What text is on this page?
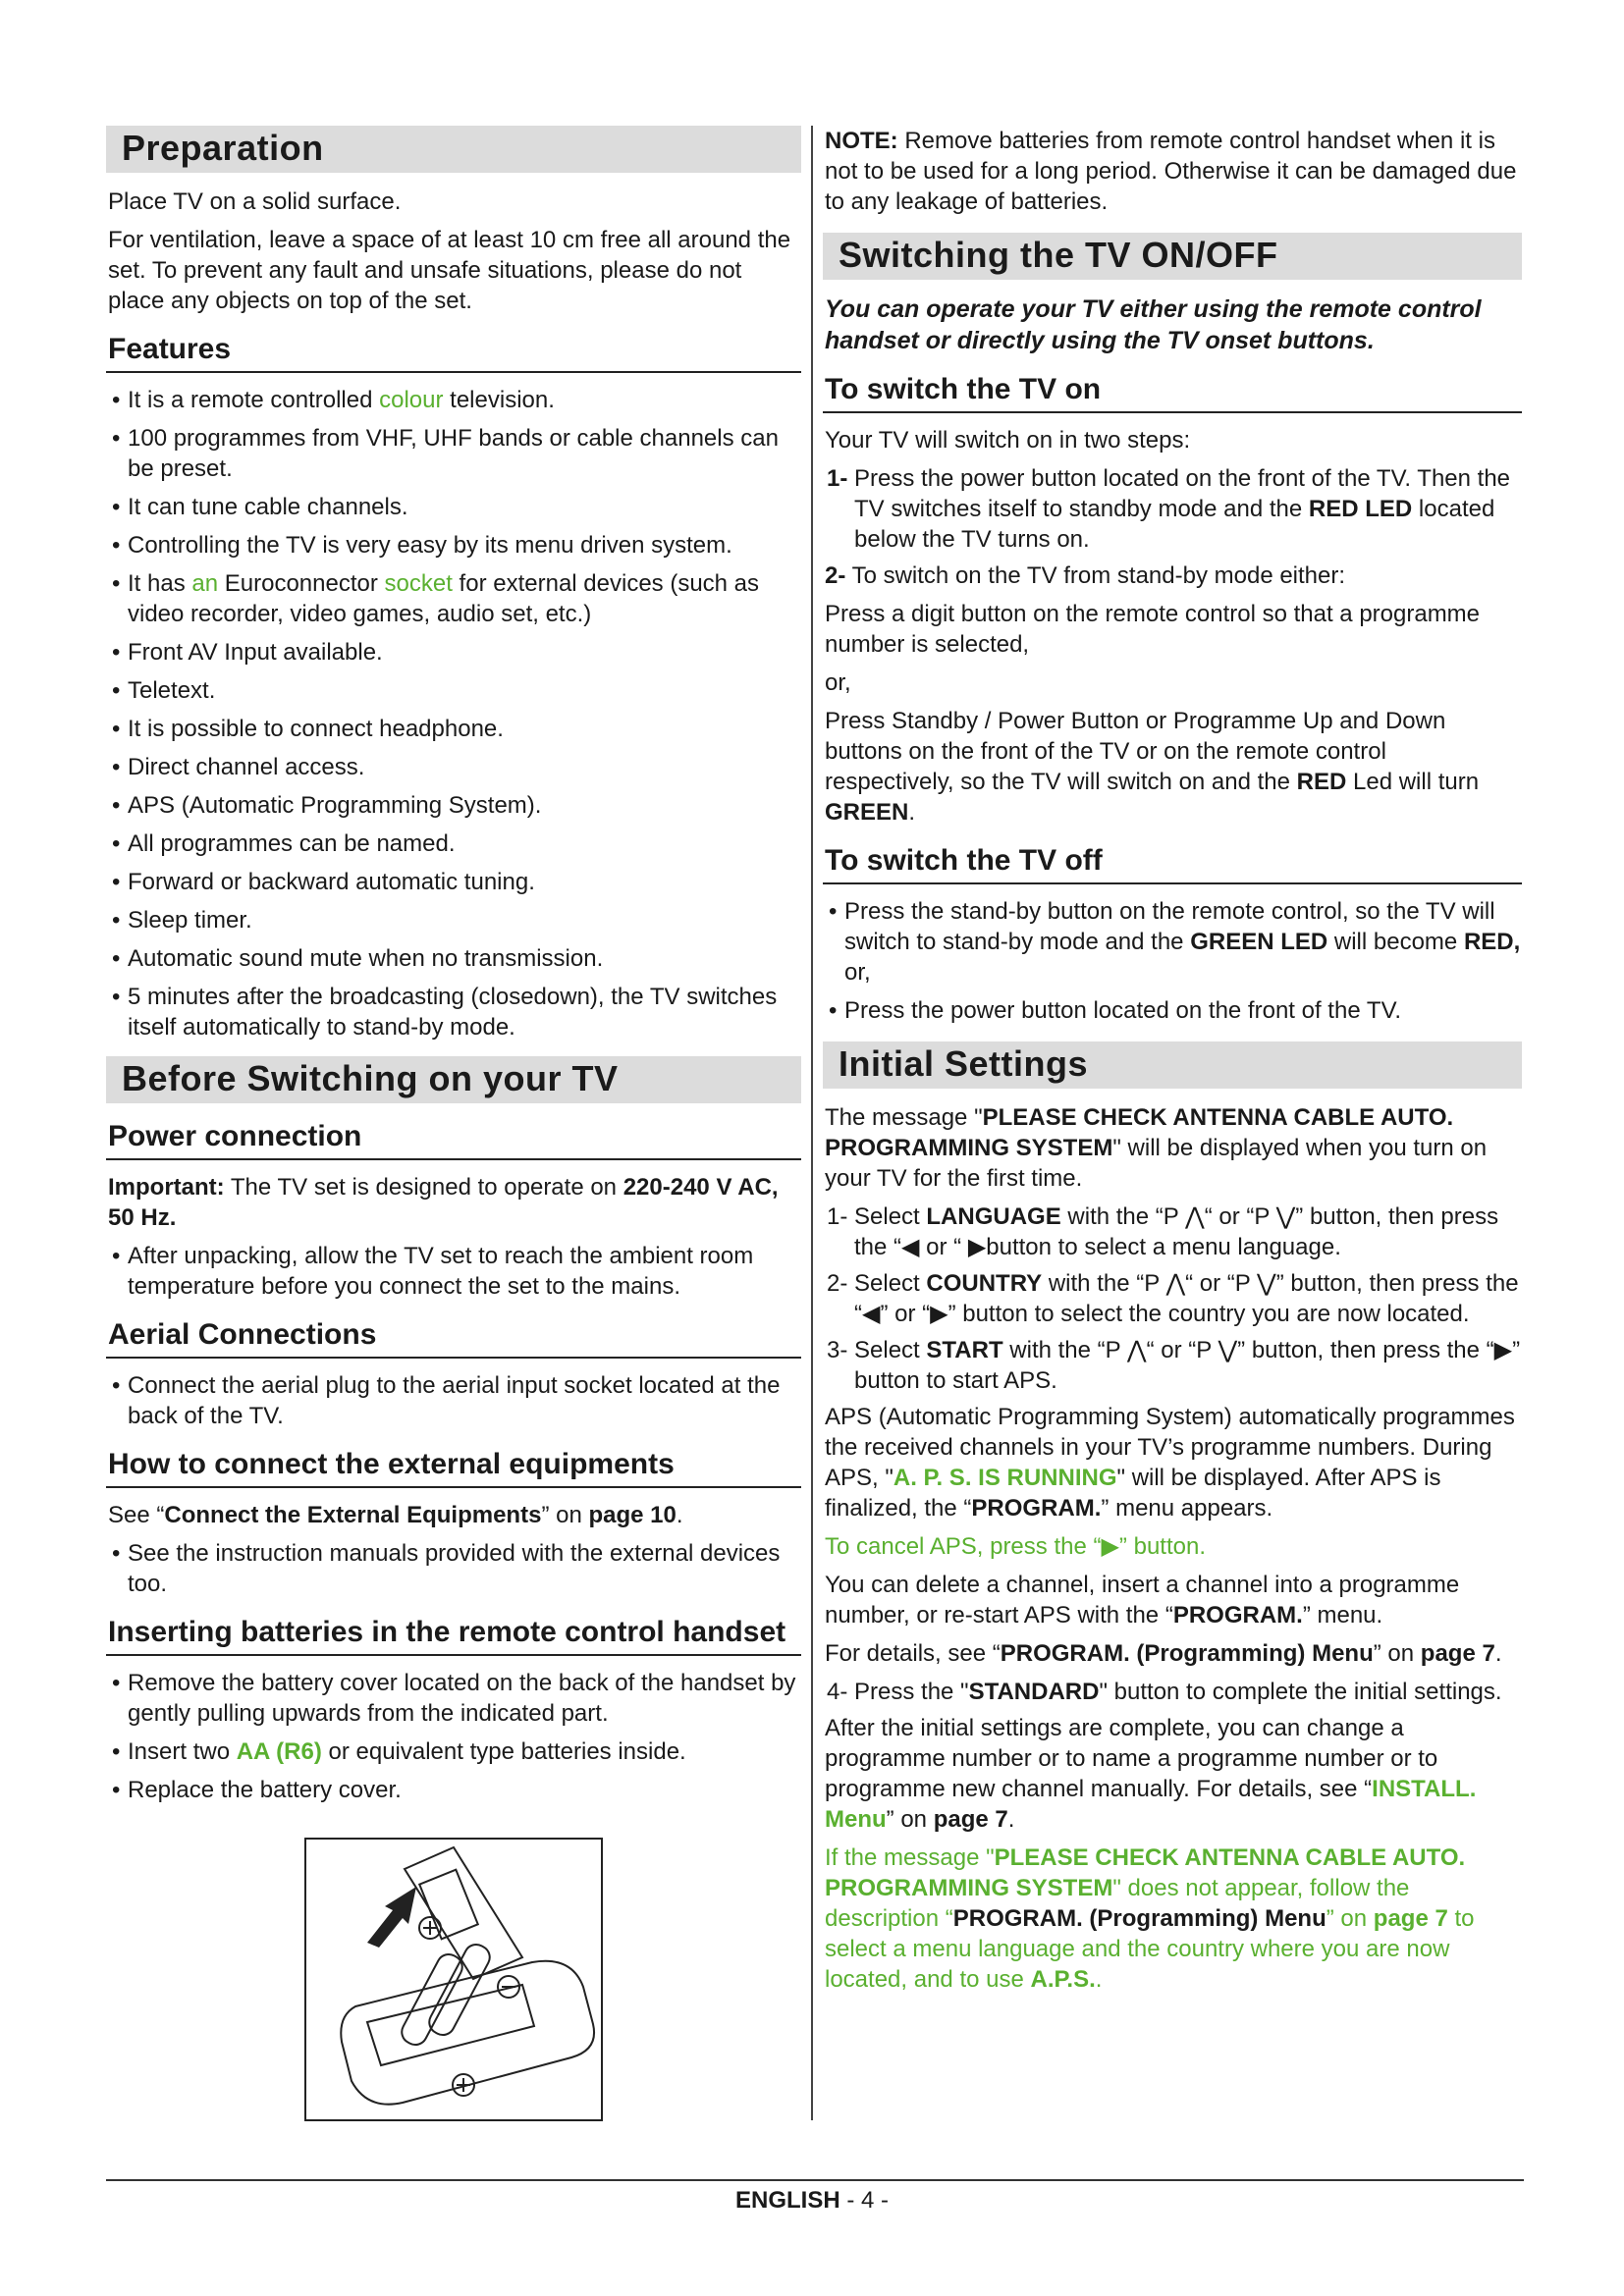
Preparation

Place TV on a solid surface.

For ventilation, leave a space of at least 10 cm free all around the set. To prevent any fault and unsafe situations, please do not place any objects on top of the set.

Features
• It is a remote controlled colour television.
• 100 programmes from VHF, UHF bands or cable channels can be preset.
• It can tune cable channels.
• Controlling the TV is very easy by its menu driven system.
• It has an Euroconnector socket for external devices (such as video recorder, video games, audio set, etc.)
• Front AV Input available.
• Teletext.
• It is possible to connect headphone.
• Direct channel access.
• APS (Automatic Programming System).
• All programmes can be named.
• Forward or backward automatic tuning.
• Sleep timer.
• Automatic sound mute when no transmission.
• 5 minutes after the broadcasting (closedown), the TV switches itself automatically to stand-by mode.
Before Switching on your TV
Power connection

Important: The TV set is designed to operate on 220-240 V AC, 50 Hz.

• After unpacking, allow the TV set to reach the ambient room temperature before you connect the set to the mains.
Aerial Connections
• Connect the aerial plug to the aerial input socket located at the back of the TV.
How to connect the external equipments

See “Connect the External Equipments” on page 10.

• See the instruction manuals provided with the external devices too.
Inserting batteries in the remote control handset
• Remove the battery cover located on the back of the handset by gently pulling upwards from the indicated part.
• Insert two AA (R6) or equivalent type batteries inside.
• Replace the battery cover.

NOTE: Remove batteries from remote control handset when it is not to be used for a long period. Otherwise it can be damaged due to any leakage of batteries.

Switching the TV ON/OFF

You can operate your TV either using the remote control handset or directly using the TV onset buttons.

To switch the TV on

Your TV will switch on in two steps:

1- Press the power button located on the front of the TV. Then the TV switches itself to standby mode and the RED LED located below the TV turns on.

2- To switch on the TV from stand-by mode either:

Press a digit button on the remote control so that a programme number is selected,

or,

Press Standby / Power Button or Programme Up and Down buttons on the front of the TV or on the remote control respectively, so the TV will switch on and the RED Led will turn GREEN.

To switch the TV off
• Press the stand-by button on the remote control, so the TV will switch to stand-by mode and the GREEN LED will become RED, or,
• Press the power button located on the front of the TV.
Initial Settings

The message "PLEASE CHECK ANTENNA CABLE AUTO. PROGRAMMING SYSTEM" will be displayed when you turn on your TV for the first time.

1- Select LANGUAGE with the “P ⋀“ or “P ⋁” button, then press the “◀ or “ ▶button to select a menu language.
2- Select COUNTRY with the “P ⋀“ or “P ⋁” button, then press the “◀” or “▶” button to select the country you are now located.
3- Select START with the “P ⋀“ or “P ⋁” button, then press the “▶” button to start APS.

APS (Automatic Programming System) automatically programmes the received channels in your TV’s programme numbers. During APS, "A. P. S. IS RUNNING" will be displayed. After APS is finalized, the “PROGRAM.” menu appears.

To cancel APS, press the “▶” button.

You can delete a channel, insert a channel into a programme number, or re-start APS with the “PROGRAM.” menu.

For details, see “PROGRAM. (Programming) Menu” on page 7.

4- Press the "STANDARD" button to complete the initial settings.

After the initial settings are complete, you can change a programme number or to name a programme number or to programme new channel manually. For details, see “INSTALL. Menu” on page 7.

If the message "PLEASE CHECK ANTENNA CABLE AUTO. PROGRAMMING SYSTEM" does not appear, follow the description “PROGRAM. (Programming) Menu” on page 7 to select a menu language and the country where you are now located, and to use A.P.S..

ENGLISH - 4 -
